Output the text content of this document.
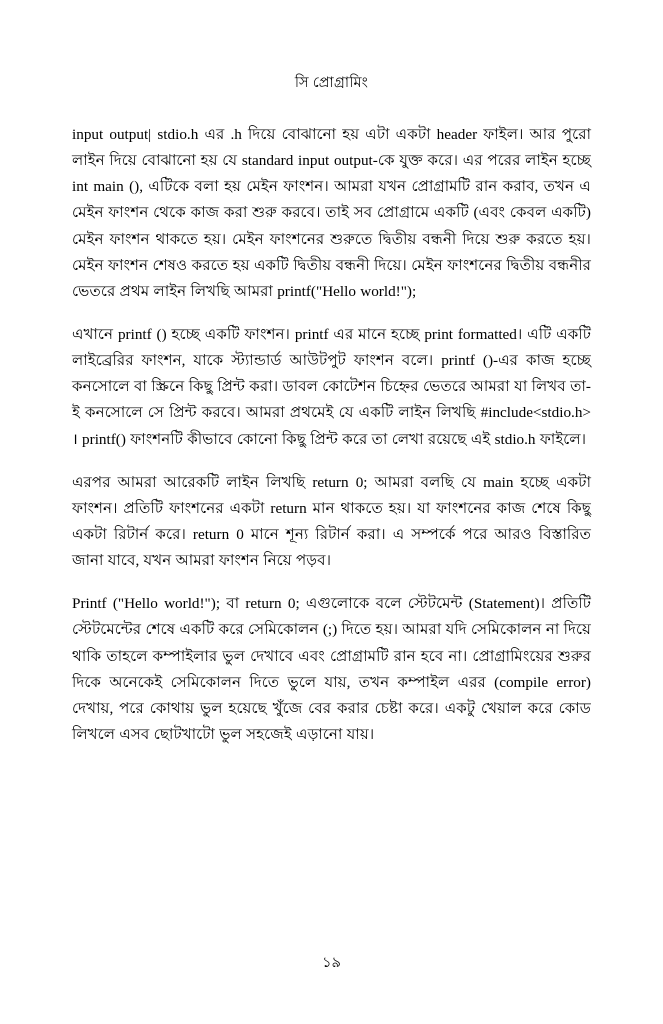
সি প্রোগ্রামিং

input output| stdio.h এর .h দিয়ে বোঝানো হয় এটা একটা header ফাইল। আর পুরো লাইন দিয়ে বোঝানো হয় যে standard input output-কে যুক্ত করে। এর পরের লাইন হচ্ছে int main (), এটিকে বলা হয় মেইন ফাংশন। আমরা যখন প্রোগ্রামটি রান করাব, তখন এ মেইন ফাংশন থেকে কাজ করা শুরু করবে। তাই সব প্রোগ্রামে একটি (এবং কেবল একটি) মেইন ফাংশন থাকতে হয়। মেইন ফাংশনের শুরুতে দ্বিতীয় বন্ধনী দিয়ে শুরু করতে হয়। মেইন ফাংশন শেষও করতে হয় একটি দ্বিতীয় বন্ধনী দিয়ে। মেইন ফাংশনের দ্বিতীয় বন্ধনীর ভেতরে প্রথম লাইন লিখছি আমরা printf("Hello world!");

এখানে printf () হচ্ছে একটি ফাংশন। printf এর মানে হচ্ছে print formatted। এটি একটি লাইব্রেরির ফাংশন, যাকে স্ট্যান্ডার্ড আউটপুট ফাংশন বলে। printf ()-এর কাজ হচ্ছে কনসোলে বা স্ক্রিনে কিছু প্রিন্ট করা। ডাবল কোটেশন চিহ্নের ভেতরে আমরা যা লিখব তা-ই কনসোলে সে প্রিন্ট করবে। আমরা প্রথমেই যে একটি লাইন লিখছি #include<stdio.h> । printf() ফাংশনটি কীভাবে কোনো কিছু প্রিন্ট করে তা লেখা রয়েছে এই stdio.h ফাইলে।

এরপর আমরা আরেকটি লাইন লিখছি return 0; আমরা বলছি যে main হচ্ছে একটা ফাংশন। প্রতিটি ফাংশনের একটা return মান থাকতে হয়। যা ফাংশনের কাজ শেষে কিছু একটা রিটার্ন করে। return 0 মানে শূন্য রিটার্ন করা। এ সম্পর্কে পরে আরও বিস্তারিত জানা যাবে, যখন আমরা ফাংশন নিয়ে পড়ব।

Printf ("Hello world!"); বা return 0; এগুলোকে বলে স্টেটমেন্ট (Statement)। প্রতিটি স্টেটমেন্টের শেষে একটি করে সেমিকোলন (;) দিতে হয়। আমরা যদি সেমিকোলন না দিয়ে থাকি তাহলে কম্পাইলার ভুল দেখাবে এবং প্রোগ্রামটি রান হবে না। প্রোগ্রামিংয়ের শুরুর দিকে অনেকেই সেমিকোলন দিতে ভুলে যায়, তখন কম্পাইল এরর (compile error) দেখায়, পরে কোথায় ভুল হয়েছে খুঁজে বের করার চেষ্টা করে। একটু খেয়াল করে কোড লিখলে এসব ছোটখাটো ভুল সহজেই এড়ানো যায়।

১৯
